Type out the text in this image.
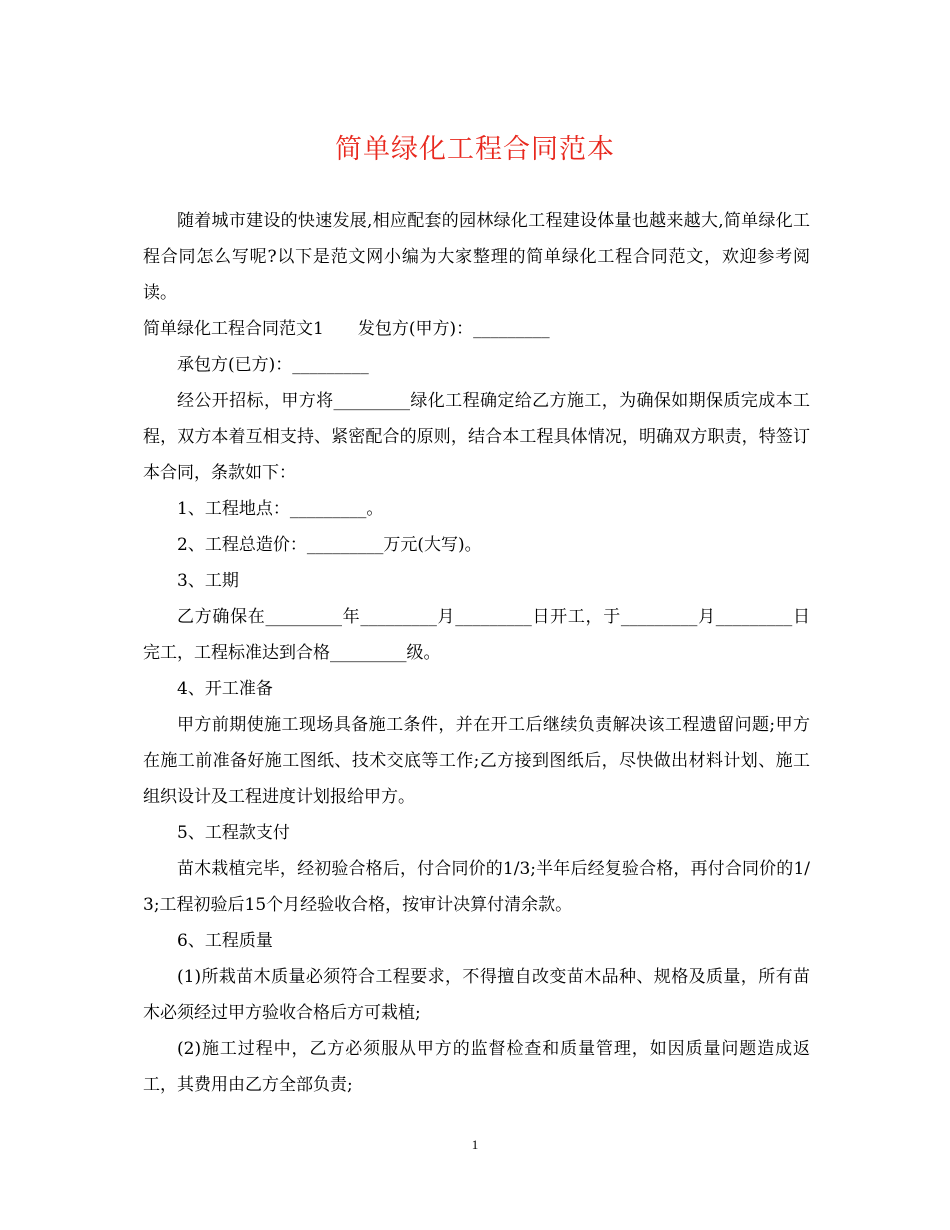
简单绿化工程合同范本

随着城市建设的快速发展,相应配套的园林绿化工程建设体量也越来越大,简单绿化工程合同怎么写呢?以下是范文网小编为大家整理的简单绿化工程合同范文，欢迎参考阅读。

简单绿化工程合同范文1　　发包方(甲方)：_________

承包方(已方)：_________

经公开招标，甲方将_________绿化工程确定给乙方施工，为确保如期保质完成本工程，双方本着互相支持、紧密配合的原则，结合本工程具体情况，明确双方职责，特签订本合同，条款如下：

1、工程地点：_________。

2、工程总造价：_________万元(大写)。

3、工期

乙方确保在_________年_________月_________日开工，于_________月_________日完工，工程标准达到合格_________级。

4、开工准备

甲方前期使施工现场具备施工条件，并在开工后继续负责解决该工程遗留问题;甲方在施工前准备好施工图纸、技术交底等工作;乙方接到图纸后，尽快做出材料计划、施工组织设计及工程进度计划报给甲方。

5、工程款支付

苗木栽植完毕，经初验合格后，付合同价的1/3;半年后经复验合格，再付合同价的1/3;工程初验后15个月经验收合格，按审计决算付清余款。

6、工程质量

(1)所栽苗木质量必须符合工程要求，不得擅自改变苗木品种、规格及质量，所有苗木必须经过甲方验收合格后方可栽植;

(2)施工过程中，乙方必须服从甲方的监督检查和质量管理，如因质量问题造成返工，其费用由乙方全部负责;

1
